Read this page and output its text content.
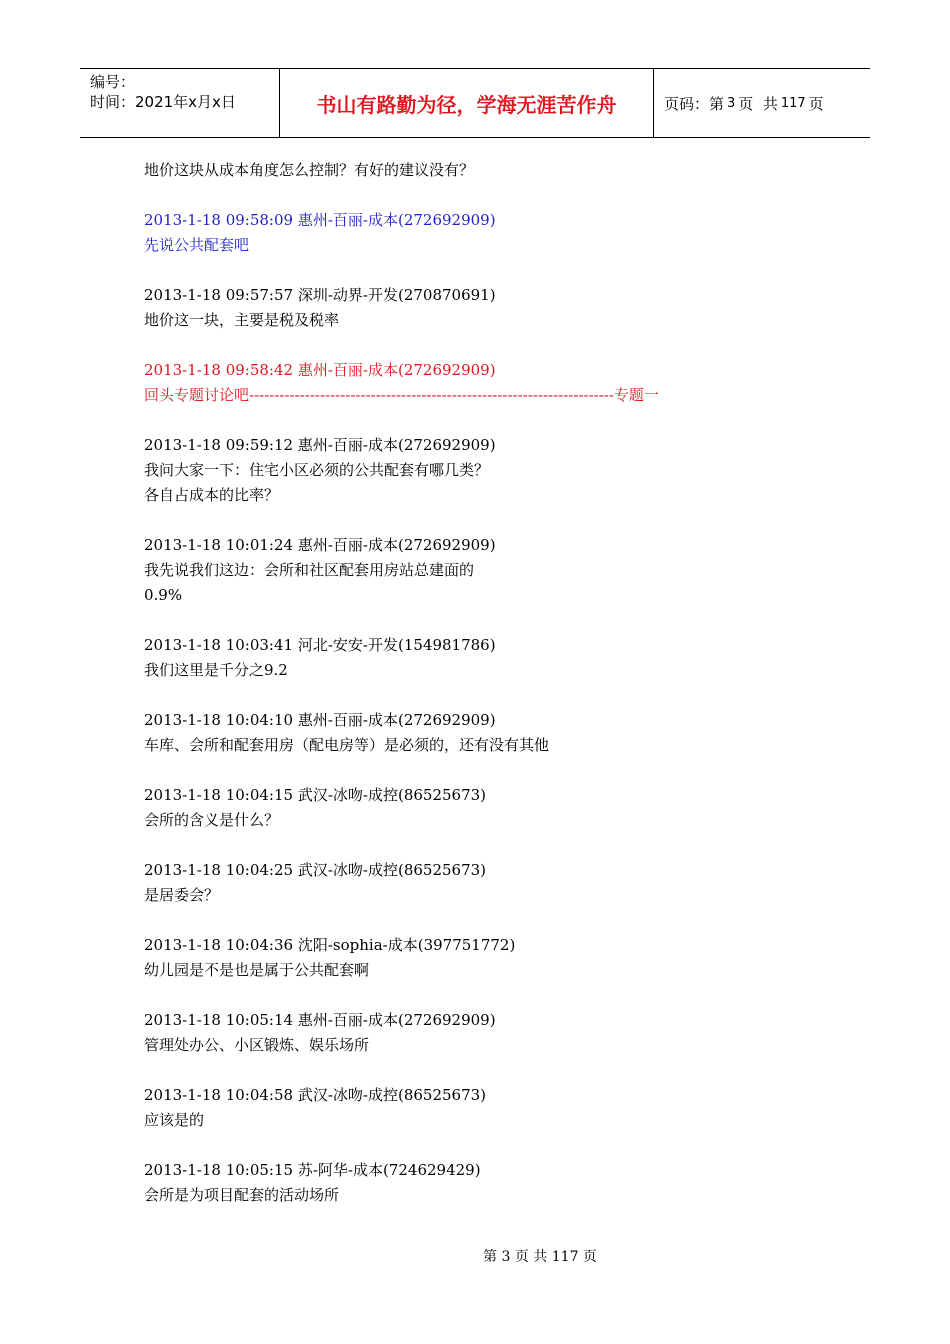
编号：
时间：2021年x月x日	书山有路勤为径，学海无涯苦作舟	页码：第 3 页  共 117 页
地价这块从成本角度怎么控制？有好的建议没有？
2013-1-18 09:58:09 惠州-百丽-成本(272692909)
先说公共配套吧
2013-1-18 09:57:57 深圳-动界-开发(270870691)
地价这一块，主要是税及税率
2013-1-18 09:58:42 惠州-百丽-成本(272692909)
回头专题讨论吧------------------------------------------------------------------------专题一
2013-1-18 09:59:12 惠州-百丽-成本(272692909)
我问大家一下：住宅小区必须的公共配套有哪几类？
各自占成本的比率？
2013-1-18 10:01:24 惠州-百丽-成本(272692909)
我先说我们这边：会所和社区配套用房站总建面的
0.9%
2013-1-18 10:03:41 河北-安安-开发(154981786)
我们这里是千分之9.2
2013-1-18 10:04:10 惠州-百丽-成本(272692909)
车库、会所和配套用房（配电房等）是必须的，还有没有其他
2013-1-18 10:04:15 武汉-冰吻-成控(86525673)
会所的含义是什么？
2013-1-18 10:04:25 武汉-冰吻-成控(86525673)
是居委会？
2013-1-18 10:04:36 沈阳-sophia-成本(397751772)
幼儿园是不是也是属于公共配套啊
2013-1-18 10:05:14 惠州-百丽-成本(272692909)
管理处办公、小区锻炼、娱乐场所
2013-1-18 10:04:58 武汉-冰吻-成控(86525673)
应该是的
2013-1-18 10:05:15 苏-阿华-成本(724629429)
会所是为项目配套的活动场所
第 3 页 共 117 页
